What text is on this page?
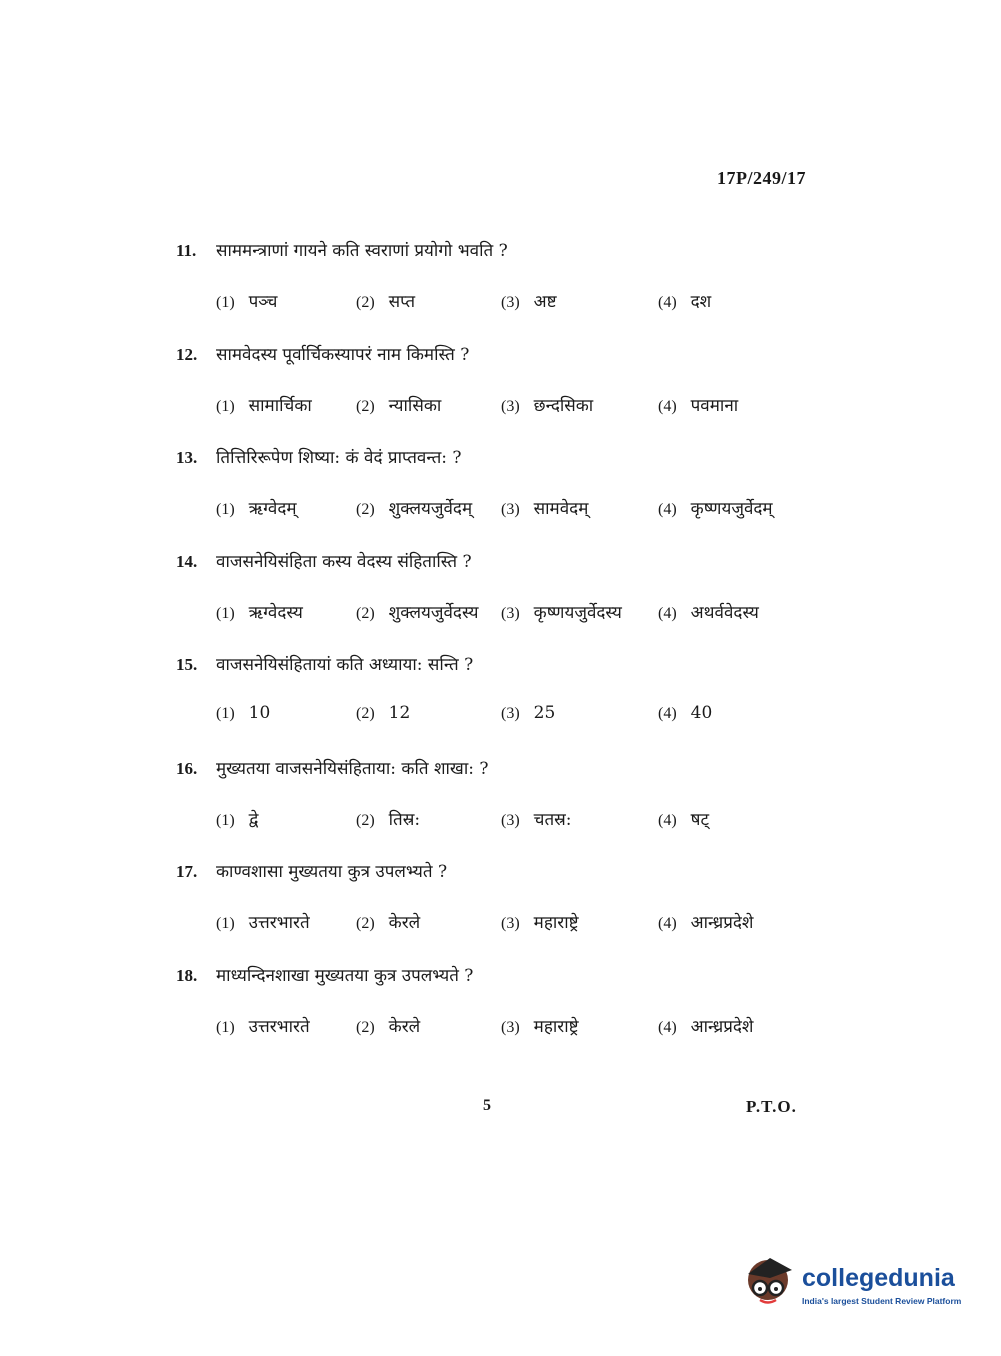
17P/249/17
11.	साममन्त्राणां गायने कति स्वराणां प्रयोगो भवति ?
(1) पञ्च	(2) सप्त	(3) अष्ट	(4) दश
12.	सामवेदस्य पूर्वार्चिकस्यापरं नाम किमस्ति ?
(1) सामार्चिका	(2) न्यासिका	(3) छन्दसिका	(4) पवमाना
13.	तित्तिरिरूपेण शिष्या: कं वेदं प्राप्तवन्त: ?
(1) ऋग्वेदम्	(2) शुक्लयजुर्वेदम् (3) सामवेदम्	(4) कृष्णयजुर्वेदम्
14.	वाजसनेयिसंहिता कस्य वेदस्य संहितास्ति ?
(1) ऋग्वेदस्य	(2) शुक्लयजुर्वेदस्य (3) कृष्णयजुर्वेदस्य (4) अथर्ववेदस्य
15.	वाजसनेयिसंहितायां कति अध्याया: सन्ति ?
(1) 10	(2) 12	(3) 25	(4) 40
16.	मुख्यतया वाजसनेयिसंहिताया: कति शाखा: ?
(1) द्वे	(2) तिस्र:	(3) चतस्र:	(4) षट्
17.	काण्वशासा मुख्यतया कुत्र उपलभ्यते ?
(1) उत्तरभारते	(2) केरले	(3) महाराष्ट्रे	(4) आन्ध्रप्रदेशे
18.	माध्यन्दिनशाखा मुख्यतया कुत्र उपलभ्यते ?
(1) उत्तरभारते	(2) केरले	(3) महाराष्ट्रे	(4) आन्ध्रप्रदेशे
5	P.T.O.
collegedunia
India's largest Student Review Platform
